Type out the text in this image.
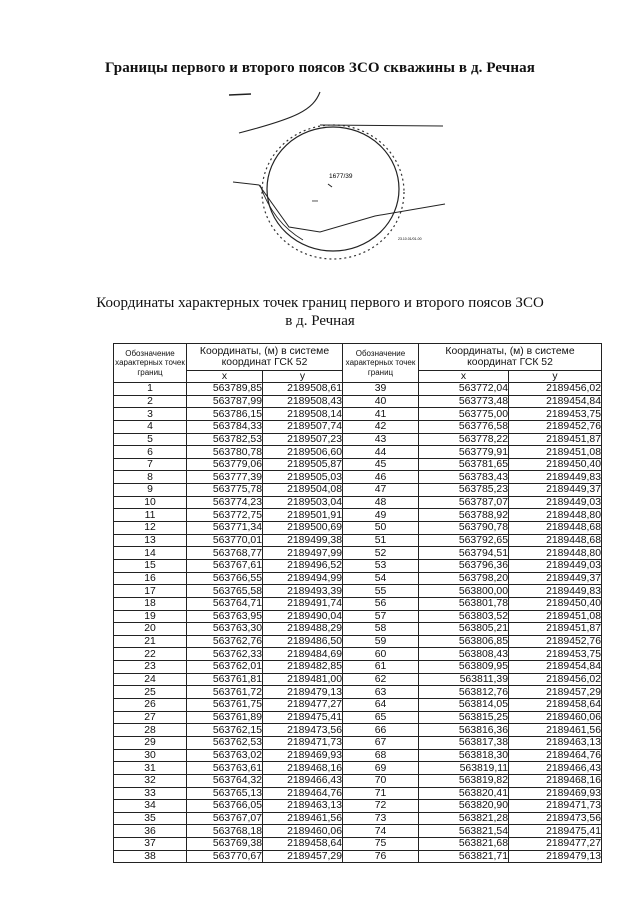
Границы первого и второго поясов ЗСО скважины в д. Речная
1677/39
ххх
23.10.01/01-00
Координаты характерных точек границ первого и второго поясов ЗСО
в д. Речная
Обозначение характерных точек границ	Координаты, (м) в системе координат ГСК 52		Обозначение характерных точек границ	Координаты, (м) в системе координат ГСК 52	
	x	y		x	y
1	563789,85	2189508,61	39	563772,04	2189456,02
2	563787,99	2189508,43	40	563773,48	2189454,84
3	563786,15	2189508,14	41	563775,00	2189453,75
4	563784,33	2189507,74	42	563776,58	2189452,76
5	563782,53	2189507,23	43	563778,22	2189451,87
6	563780,78	2189506,60	44	563779,91	2189451,08
7	563779,06	2189505,87	45	563781,65	2189450,40
8	563777,39	2189505,03	46	563783,43	2189449,83
9	563775,78	2189504,08	47	563785,23	2189449,37
10	563774,23	2189503,04	48	563787,07	2189449,03
11	563772,75	2189501,91	49	563788,92	2189448,80
12	563771,34	2189500,69	50	563790,78	2189448,68
13	563770,01	2189499,38	51	563792,65	2189448,68
14	563768,77	2189497,99	52	563794,51	2189448,80
15	563767,61	2189496,52	53	563796,36	2189449,03
16	563766,55	2189494,99	54	563798,20	2189449,37
17	563765,58	2189493,39	55	563800,00	2189449,83
18	563764,71	2189491,74	56	563801,78	2189450,40
19	563763,95	2189490,04	57	563803,52	2189451,08
20	563763,30	2189488,29	58	563805,21	2189451,87
21	563762,76	2189486,50	59	563806,85	2189452,76
22	563762,33	2189484,69	60	563808,43	2189453,75
23	563762,01	2189482,85	61	563809,95	2189454,84
24	563761,81	2189481,00	62	563811,39	2189456,02
25	563761,72	2189479,13	63	563812,76	2189457,29
26	563761,75	2189477,27	64	563814,05	2189458,64
27	563761,89	2189475,41	65	563815,25	2189460,06
28	563762,15	2189473,56	66	563816,36	2189461,56
29	563762,53	2189471,73	67	563817,38	2189463,13
30	563763,02	2189469,93	68	563818,30	2189464,76
31	563763,61	2189468,16	69	563819,11	2189466,43
32	563764,32	2189466,43	70	563819,82	2189468,16
33	563765,13	2189464,76	71	563820,41	2189469,93
34	563766,05	2189463,13	72	563820,90	2189471,73
35	563767,07	2189461,56	73	563821,28	2189473,56
36	563768,18	2189460,06	74	563821,54	2189475,41
37	563769,38	2189458,64	75	563821,68	2189477,27
38	563770,67	2189457,29	76	563821,71	2189479,13
